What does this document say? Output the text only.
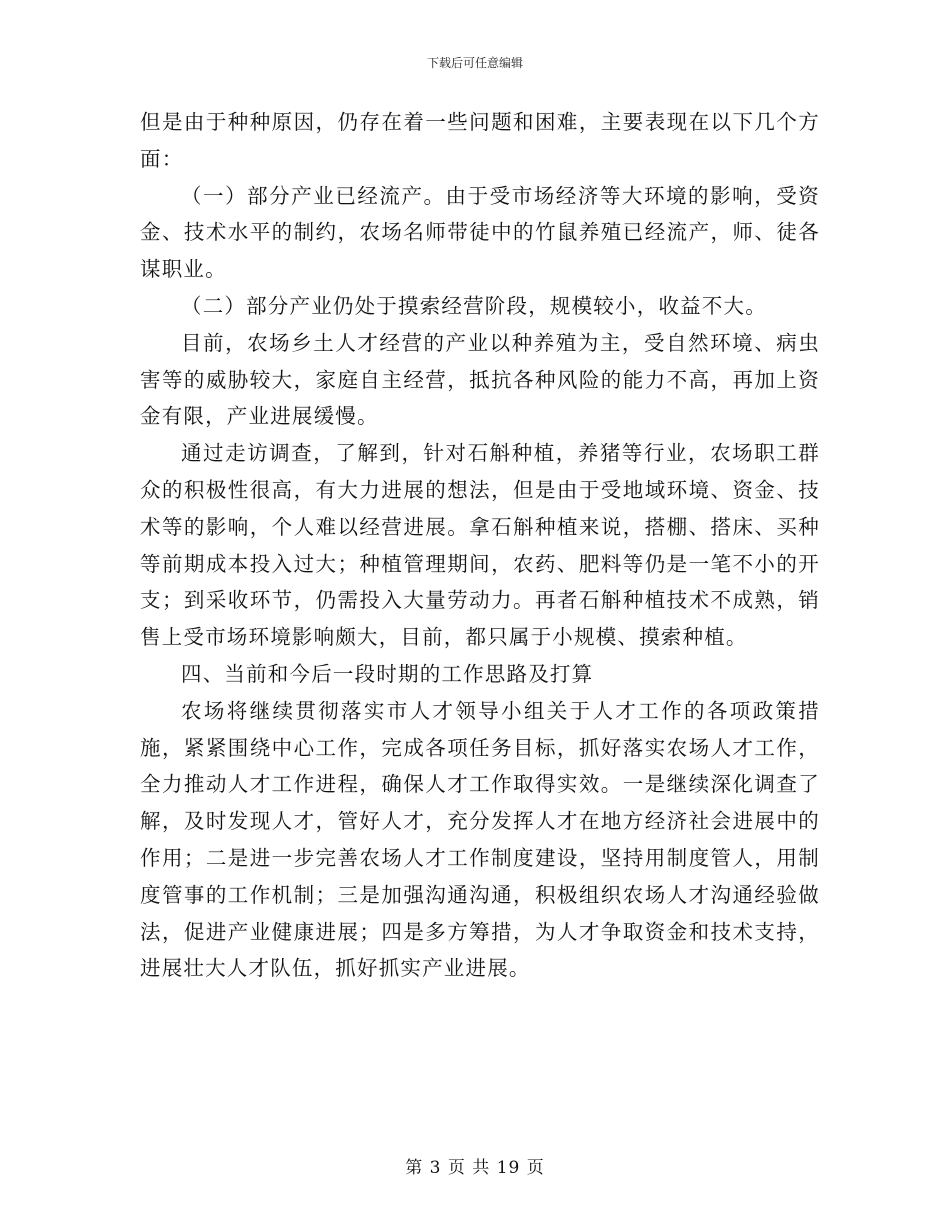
下载后可任意编辑

但是由于种种原因，仍存在着一些问题和困难，主要表现在以下几个方面：

（一）部分产业已经流产。由于受市场经济等大环境的影响，受资金、技术水平的制约，农场名师带徒中的竹鼠养殖已经流产，师、徒各谋职业。

（二）部分产业仍处于摸索经营阶段，规模较小，收益不大。

目前，农场乡土人才经营的产业以种养殖为主，受自然环境、病虫害等的威胁较大，家庭自主经营，抵抗各种风险的能力不高，再加上资金有限，产业进展缓慢。

通过走访调查，了解到，针对石斛种植，养猪等行业，农场职工群众的积极性很高，有大力进展的想法，但是由于受地域环境、资金、技术等的影响，个人难以经营进展。拿石斛种植来说，搭棚、搭床、买种等前期成本投入过大；种植管理期间，农药、肥料等仍是一笔不小的开支；到采收环节，仍需投入大量劳动力。再者石斛种植技术不成熟，销售上受市场环境影响颇大，目前，都只属于小规模、摸索种植。

四、当前和今后一段时期的工作思路及打算

农场将继续贯彻落实市人才领导小组关于人才工作的各项政策措施，紧紧围绕中心工作，完成各项任务目标，抓好落实农场人才工作，全力推动人才工作进程，确保人才工作取得实效。一是继续深化调查了解，及时发现人才，管好人才，充分发挥人才在地方经济社会进展中的作用；二是进一步完善农场人才工作制度建设，坚持用制度管人，用制度管事的工作机制；三是加强沟通沟通，积极组织农场人才沟通经验做法，促进产业健康进展；四是多方筹措，为人才争取资金和技术支持，进展壮大人才队伍，抓好抓实产业进展。

第 3 页 共 19 页
